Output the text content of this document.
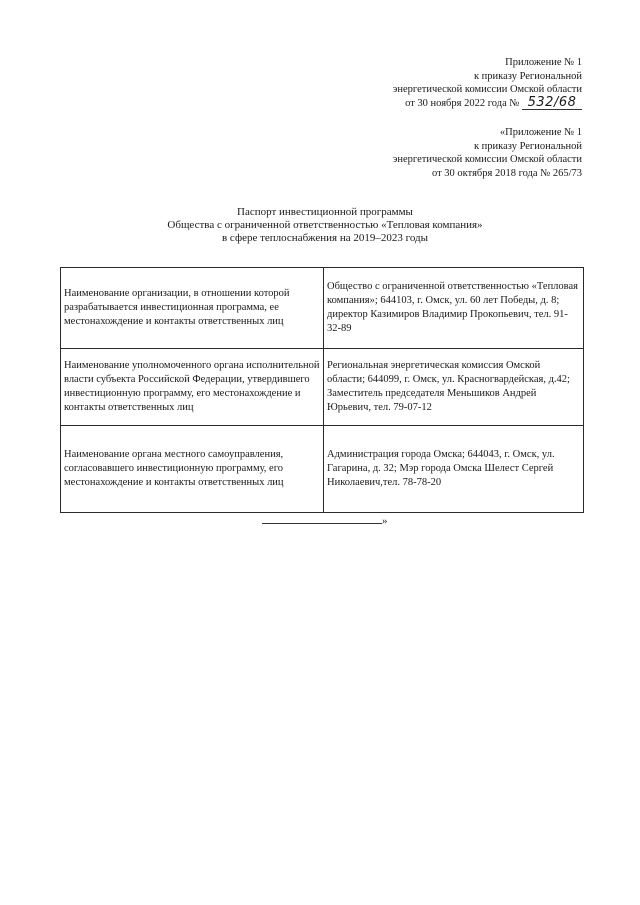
Приложение № 1
к приказу Региональной
энергетической комиссии Омской области
от 30 ноября 2022 года № 532/68
«Приложение № 1
к приказу Региональной
энергетической комиссии Омской области
от 30 октября 2018 года № 265/73
Паспорт инвестиционной программы
Общества с ограниченной ответственностью «Тепловая компания»
в сфере теплоснабжения на 2019–2023 годы
Наименование организации, в отношении которой разрабатывается инвестиционная программа, ее местонахождение и контакты ответственных лиц	Общество с ограниченной ответственностью «Тепловая компания»; 644103, г. Омск, ул. 60 лет Победы, д. 8; директор Казимиров Владимир Прокопьевич, тел. 91-32-89
Наименование уполномоченного органа исполнительной власти субъекта Российской Федерации, утвердившего инвестиционную программу, его местонахождение и контакты ответственных лиц	Региональная энергетическая комиссия Омской области; 644099, г. Омск, ул. Красногвардейская, д.42; Заместитель председателя Меньшиков Андрей Юрьевич, тел. 79-07-12
Наименование органа местного самоуправления, согласовавшего инвестиционную программу, его местонахождение и контакты ответственных лиц	Администрация города Омска; 644043, г. Омск, ул. Гагарина, д. 32; Мэр города Омска Шелест Сергей Николаевич,тел. 78-78-20
»
